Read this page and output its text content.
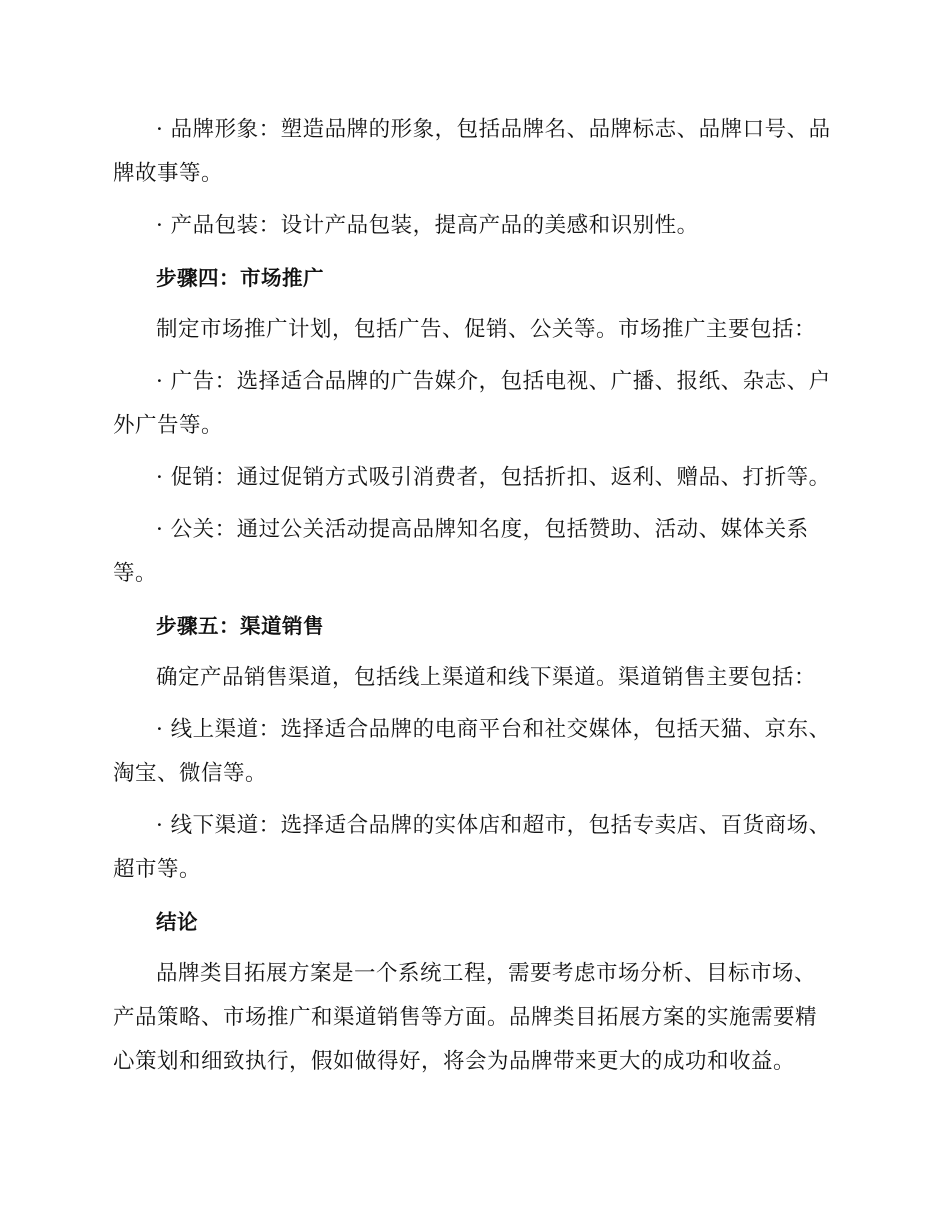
· 品牌形象：塑造品牌的形象，包括品牌名、品牌标志、品牌口号、品牌故事等。

· 产品包装：设计产品包装，提高产品的美感和识别性。

步骤四：市场推广

制定市场推广计划，包括广告、促销、公关等。市场推广主要包括：

· 广告：选择适合品牌的广告媒介，包括电视、广播、报纸、杂志、户外广告等。

· 促销：通过促销方式吸引消费者，包括折扣、返利、赠品、打折等。

· 公关：通过公关活动提高品牌知名度，包括赞助、活动、媒体关系等。

步骤五：渠道销售

确定产品销售渠道，包括线上渠道和线下渠道。渠道销售主要包括：

· 线上渠道：选择适合品牌的电商平台和社交媒体，包括天猫、京东、淘宝、微信等。

· 线下渠道：选择适合品牌的实体店和超市，包括专卖店、百货商场、超市等。

结论

品牌类目拓展方案是一个系统工程，需要考虑市场分析、目标市场、产品策略、市场推广和渠道销售等方面。品牌类目拓展方案的实施需要精心策划和细致执行，假如做得好，将会为品牌带来更大的成功和收益。
